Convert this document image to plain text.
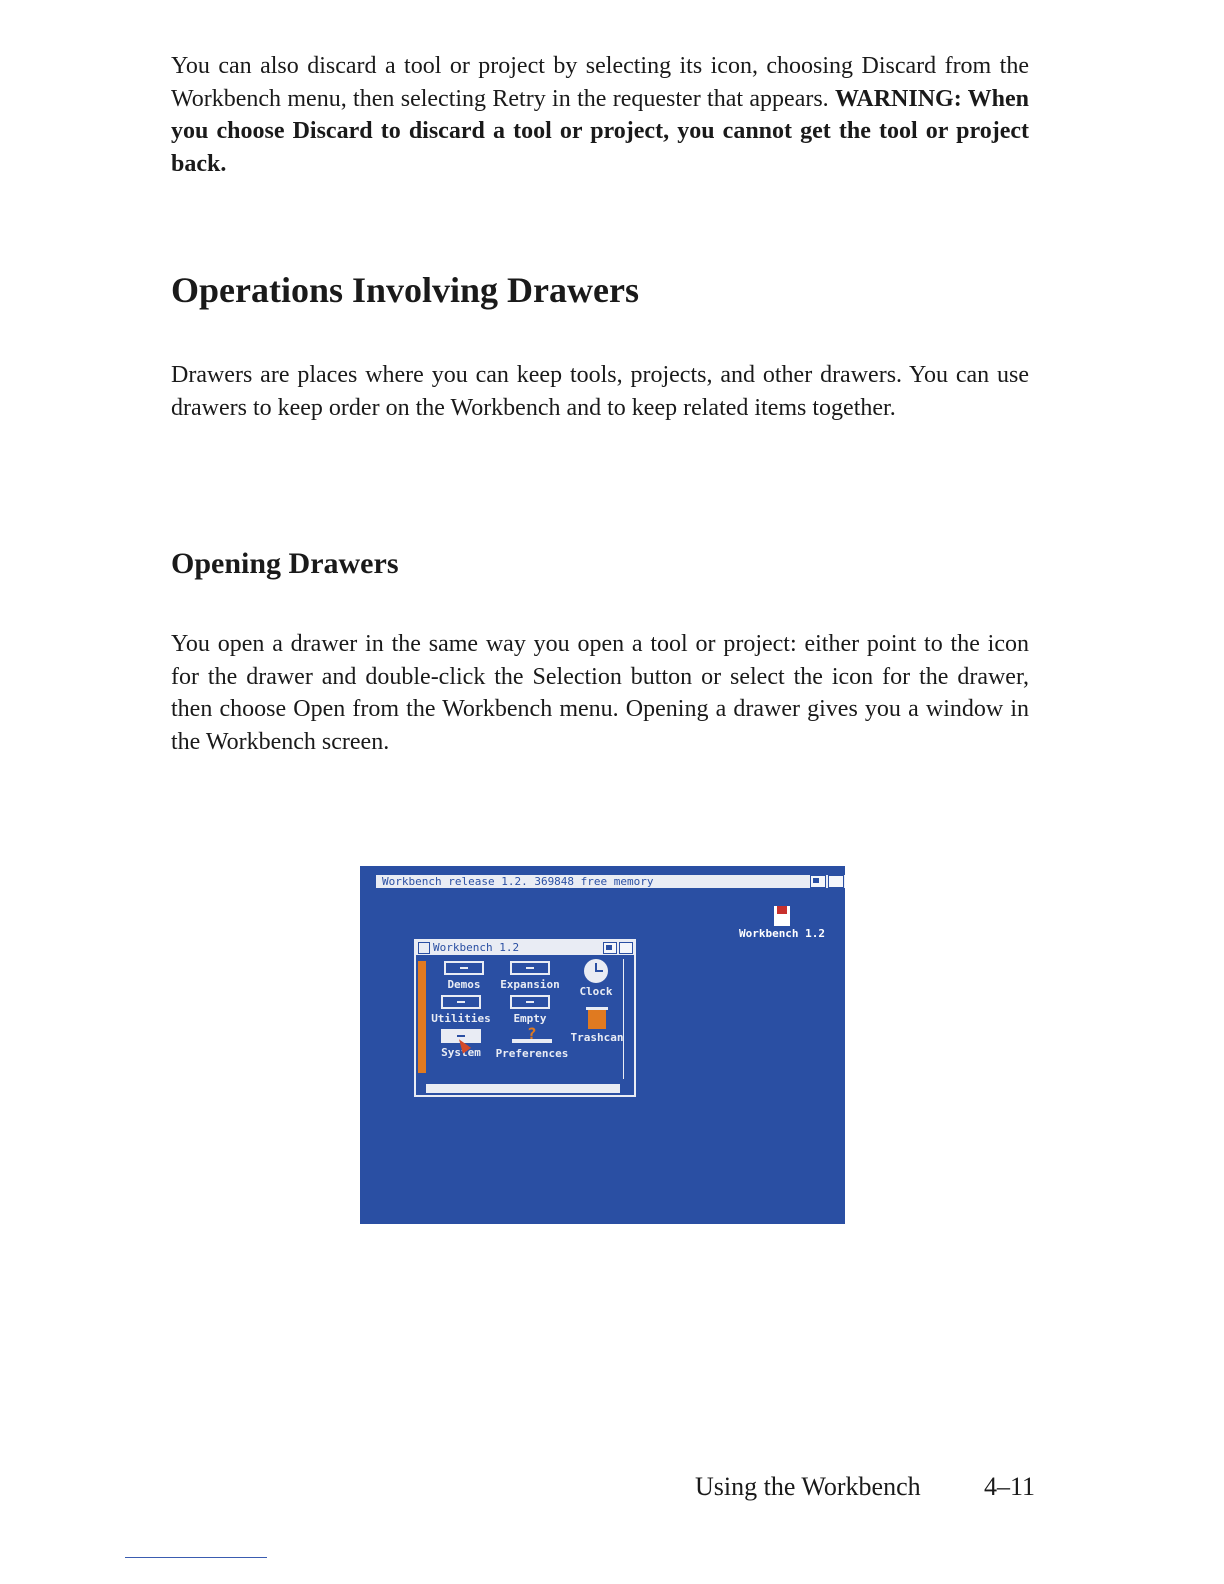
You can also discard a tool or project by selecting its icon, choosing Discard from the Workbench menu, then selecting Retry in the requester that appears. WARNING: When you choose Discard to discard a tool or project, you cannot get the tool or project back.

Operations Involving Drawers

Drawers are places where you can keep tools, projects, and other drawers. You can use drawers to keep order on the Workbench and to keep related items together.

Opening Drawers

You open a drawer in the same way you open a tool or project: either point to the icon for the drawer and double-click the Selection button or select the icon for the drawer, then choose Open from the Workbench menu. Opening a drawer gives you a window in the Workbench screen.

Workbench release 1.2. 369848 free memory
Workbench 1.2
Workbench 1.2
Demos	Expansion
Clock
Utilities	Empty
Trashcan
System
?	Preferences
Using the Workbench 4–11
